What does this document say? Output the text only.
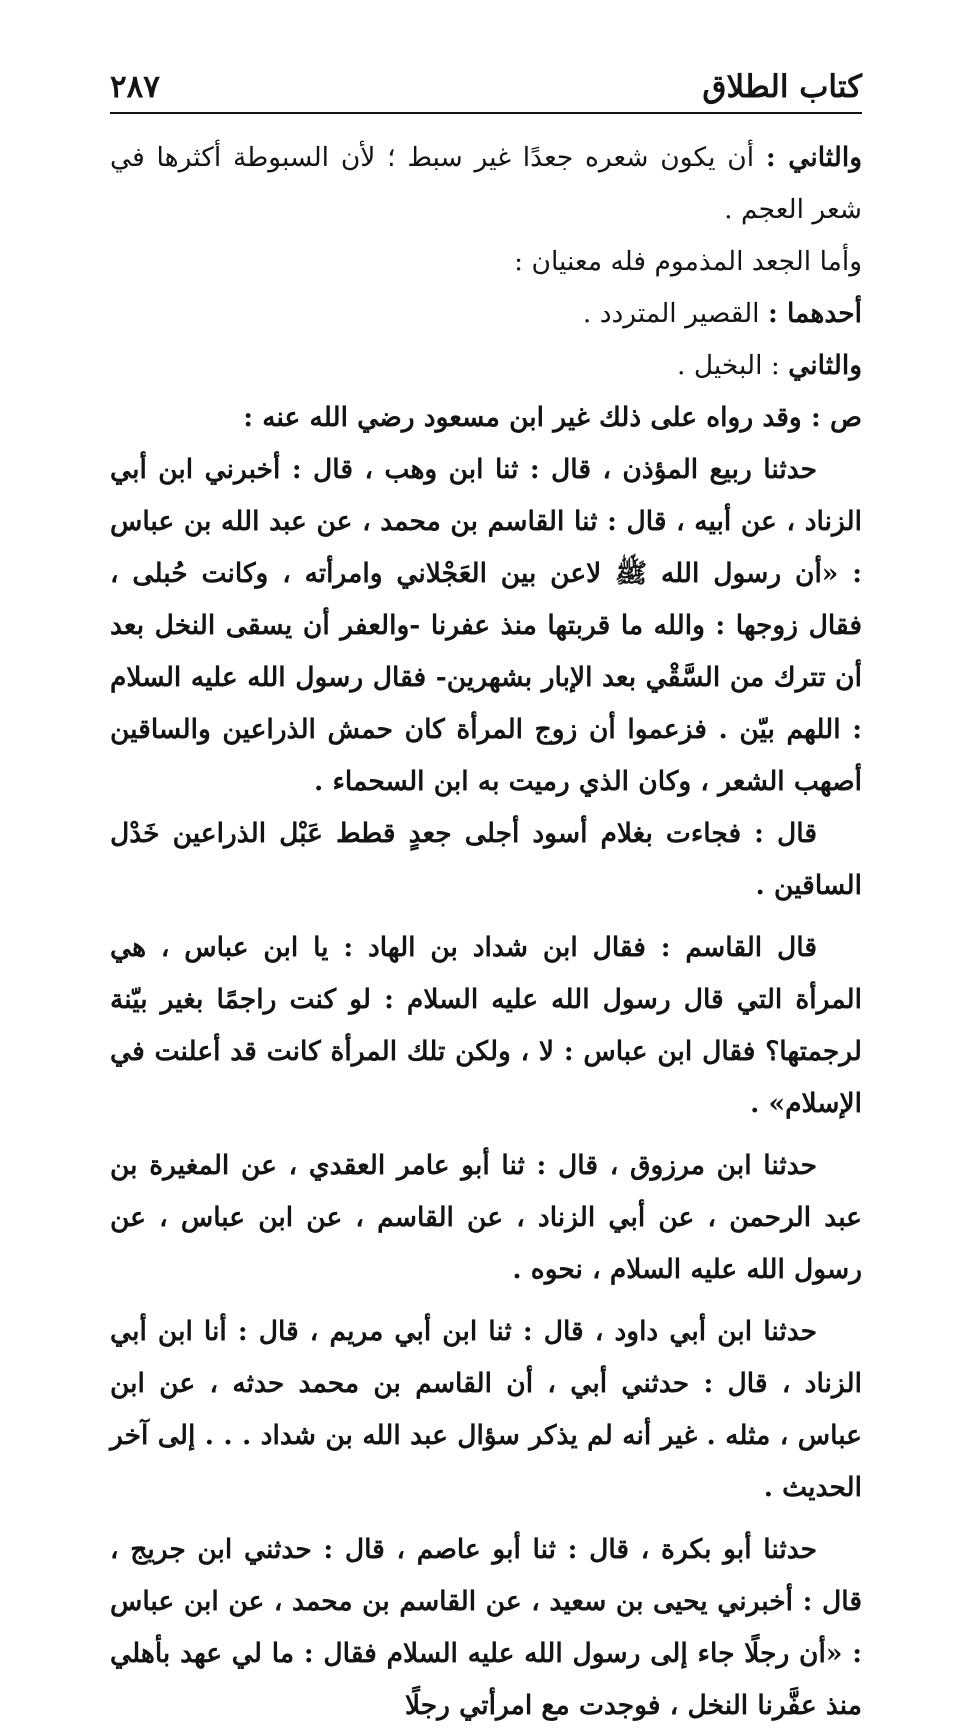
٢٨٧	كتاب الطلاق

والثاني : أن يكون شعره جعدًا غير سبط ؛ لأن السبوطة أكثرها في شعر العجم .

وأما الجعد المذموم فله معنيان :

أحدهما : القصير المتردد .

والثاني : البخيل .

ص : وقد رواه على ذلك غير ابن مسعود رضي الله عنه :

حدثنا ربيع المؤذن ، قال : ثنا ابن وهب ، قال : أخبرني ابن أبي الزناد ، عن أبيه ، قال : ثنا القاسم بن محمد ، عن عبد الله بن عباس : «أن رسول الله ﷺ لاعن بين العَجْلاني وامرأته ، وكانت حُبلى ، فقال زوجها : والله ما قربتها منذ عفرنا -والعفر أن يسقى النخل بعد أن تترك من السَّقْي بعد الإبار بشهرين- فقال رسول الله عليه السلام : اللهم بيّن . فزعموا أن زوج المرأة كان حمش الذراعين والساقين أصهب الشعر ، وكان الذي رميت به ابن السحماء .

قال : فجاءت بغلام أسود أجلى جعدٍ قطط عَبْل الذراعين خَدْل الساقين .

قال القاسم : فقال ابن شداد بن الهاد : يا ابن عباس ، هي المرأة التي قال رسول الله عليه السلام : لو كنت راجمًا بغير بيّنة لرجمتها؟ فقال ابن عباس : لا ، ولكن تلك المرأة كانت قد أعلنت في الإسلام» .

حدثنا ابن مرزوق ، قال : ثنا أبو عامر العقدي ، عن المغيرة بن عبد الرحمن ، عن أبي الزناد ، عن القاسم ، عن ابن عباس ، عن رسول الله عليه السلام ، نحوه .

حدثنا ابن أبي داود ، قال : ثنا ابن أبي مريم ، قال : أنا ابن أبي الزناد ، قال : حدثني أبي ، أن القاسم بن محمد حدثه ، عن ابن عباس ، مثله . غير أنه لم يذكر سؤال عبد الله بن شداد . . . إلى آخر الحديث .

حدثنا أبو بكرة ، قال : ثنا أبو عاصم ، قال : حدثني ابن جريج ، قال : أخبرني يحيى بن سعيد ، عن القاسم بن محمد ، عن ابن عباس : «أن رجلًا جاء إلى رسول الله عليه السلام فقال : ما لي عهد بأهلي منذ عفَّرنا النخل ، فوجدت مع امرأتي رجلًا
